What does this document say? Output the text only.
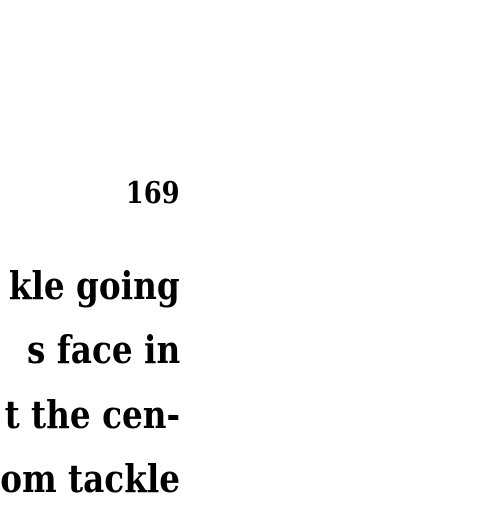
169
kle going
s face in
t the cen-
om tackle
